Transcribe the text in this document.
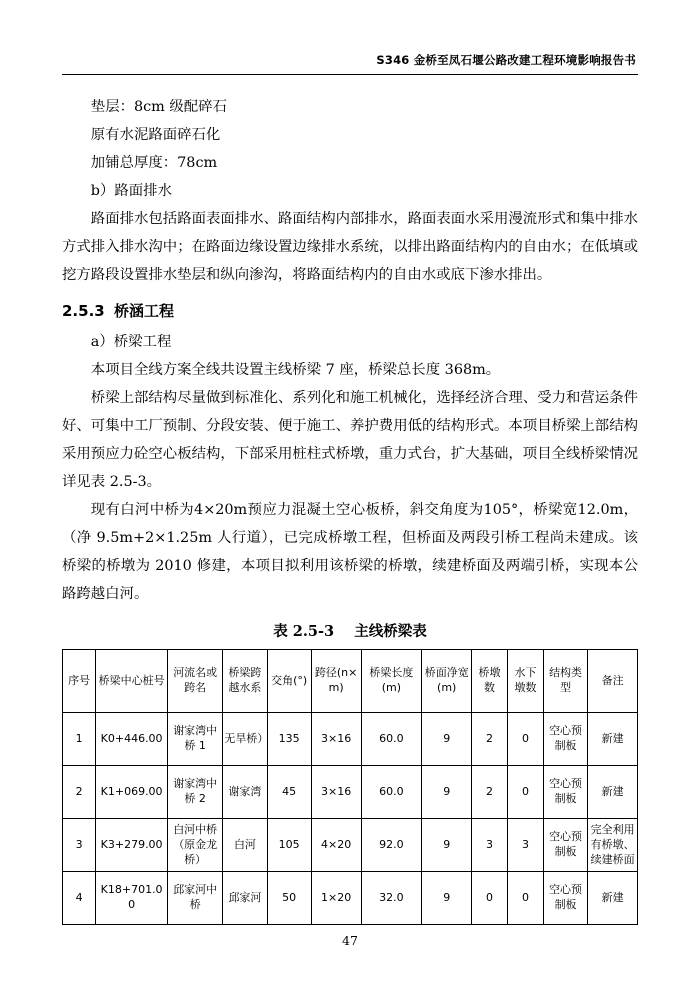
S346 金桥至凤石堰公路改建工程环境影响报告书

垫层：8cm 级配碎石

原有水泥路面碎石化

加铺总厚度：78cm

b）路面排水

路面排水包括路面表面排水、路面结构内部排水，路面表面水采用漫流形式和集中排水方式排入排水沟中；在路面边缘设置边缘排水系统，以排出路面结构内的自由水；在低填或挖方路段设置排水垫层和纵向渗沟，将路面结构内的自由水或底下渗水排出。

2.5.3 桥涵工程

a）桥梁工程

本项目全线方案全线共设置主线桥梁 7 座，桥梁总长度 368m。

桥梁上部结构尽量做到标准化、系列化和施工机械化，选择经济合理、受力和营运条件好、可集中工厂预制、分段安装、便于施工、养护费用低的结构形式。本项目桥梁上部结构采用预应力砼空心板结构，下部采用桩柱式桥墩，重力式台，扩大基础，项目全线桥梁情况详见表 2.5-3。

现有白河中桥为4×20m预应力混凝土空心板桥，斜交角度为105°，桥梁宽12.0m，（净 9.5m+2×1.25m 人行道），已完成桥墩工程，但桥面及两段引桥工程尚未建成。该桥梁的桥墩为 2010 修建，本项目拟利用该桥梁的桥墩，续建桥面及两端引桥，实现本公路跨越白河。

表 2.5-3 主线桥梁表
序号	桥梁中心桩号	河流名或跨名	桥梁跨越水系	交角(°)	跨径(n×m)	桥梁长度(m)	桥面净宽(m)	桥墩数	水下墩数	结构类型	备注
1	K0+446.00	谢家湾中桥 1	无旱桥）	135	3×16	60.0	9	2	0	空心预制板	新建
2	K1+069.00	谢家湾中桥 2	谢家湾	45	3×16	60.0	9	2	0	空心预制板	新建
3	K3+279.00	白河中桥（原金龙桥）	白河	105	4×20	92.0	9	3	3	空心预制板	完全利用有桥墩、续建桥面
4	K18+701.00	邱家河中桥	邱家河	50	1×20	32.0	9	0	0	空心预制板	新建
47
